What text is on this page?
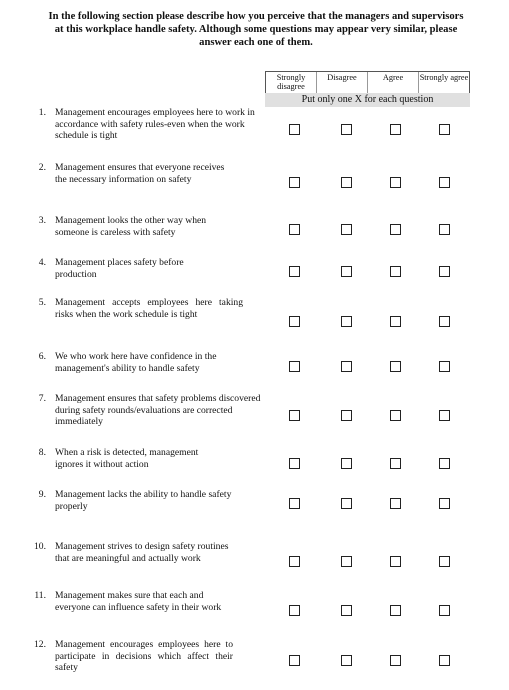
In the following section please describe how you perceive that the managers and supervisors at this workplace handle safety. Although some questions may appear very similar, please answer each one of them.
Strongly disagree
Disagree	Agree	Strongly agree
Put only one X for each question
1. Management encourages employees here to work in accordance with safety rules-even when the work schedule is tight
2. Management ensures that everyone receives the necessary information on safety
3. Management looks the other way when someone is careless with safety
4. Management places safety before production
5. Management accepts employees here taking risks when the work schedule is tight
6. We who work here have confidence in the management's ability to handle safety
7. Management ensures that safety problems discovered during safety rounds/evaluations are corrected immediately
8. When a risk is detected, management ignores it without action
9. Management lacks the ability to handle safety properly
10. Management strives to design safety routines that are meaningful and actually work
11. Management makes sure that each and everyone can influence safety in their work
12. Management encourages employees here to participate in decisions which affect their safety
